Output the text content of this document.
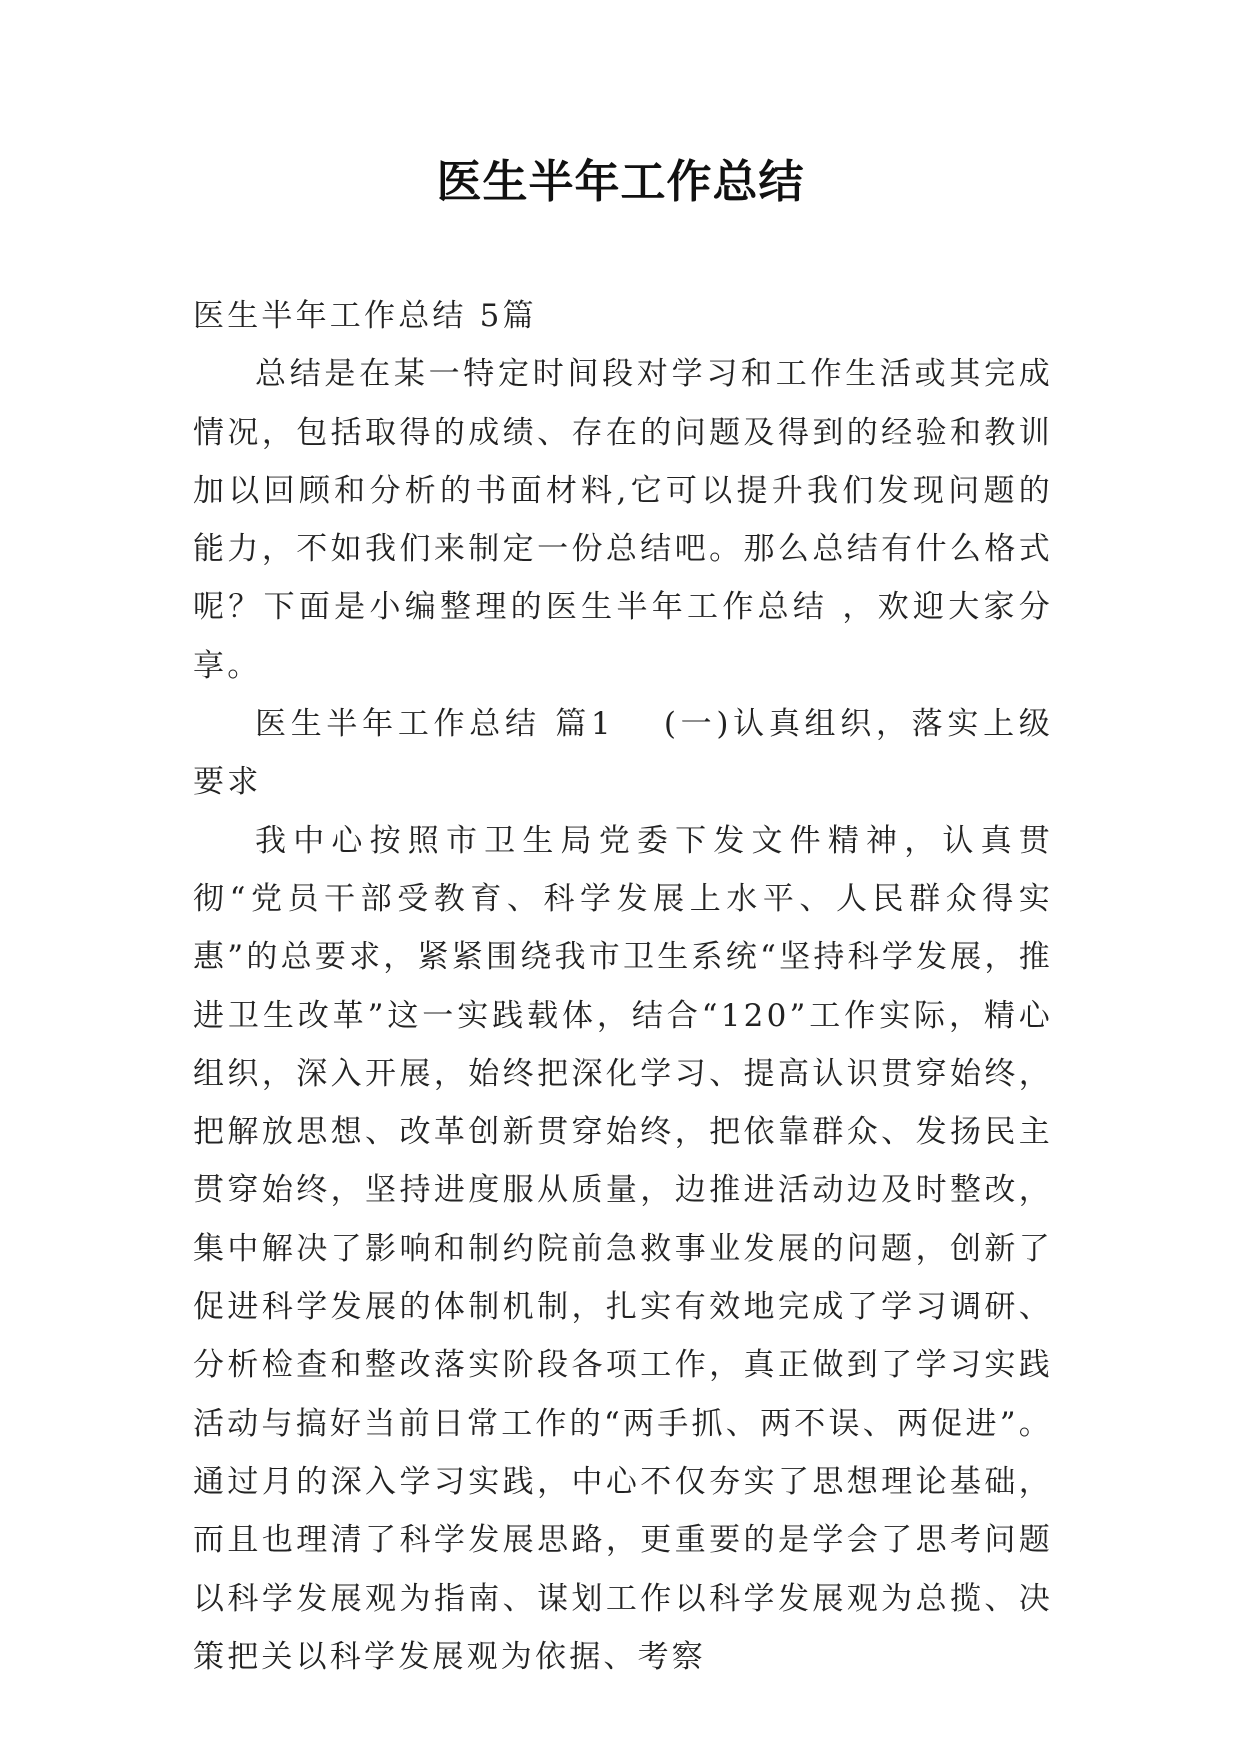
医生半年工作总结

医生半年工作总结 5篇

总结是在某一特定时间段对学习和工作生活或其完成情况，包括取得的成绩、存在的问题及得到的经验和教训加以回顾和分析的书面材料,它可以提升我们发现问题的能力，不如我们来制定一份总结吧。那么总结有什么格式呢？下面是小编整理的医生半年工作总结 ，欢迎大家分享。

医生半年工作总结 篇1 (一)认真组织，落实上级要求

我中心按照市卫生局党委下发文件精神，认真贯彻“党员干部受教育、科学发展上水平、人民群众得实惠”的总要求，紧紧围绕我市卫生系统“坚持科学发展，推进卫生改革”这一实践载体，结合“120”工作实际，精心组织，深入开展，始终把深化学习、提高认识贯穿始终，把解放思想、改革创新贯穿始终，把依靠群众、发扬民主贯穿始终，坚持进度服从质量，边推进活动边及时整改，集中解决了影响和制约院前急救事业发展的问题，创新了促进科学发展的体制机制，扎实有效地完成了学习调研、分析检查和整改落实阶段各项工作，真正做到了学习实践活动与搞好当前日常工作的“两手抓、两不误、两促进”。通过月的深入学习实践，中心不仅夯实了思想理论基础，而且也理清了科学发展思路，更重要的是学会了思考问题以科学发展观为指南、谋划工作以科学发展观为总揽、决策把关以科学发展观为依据、考察
